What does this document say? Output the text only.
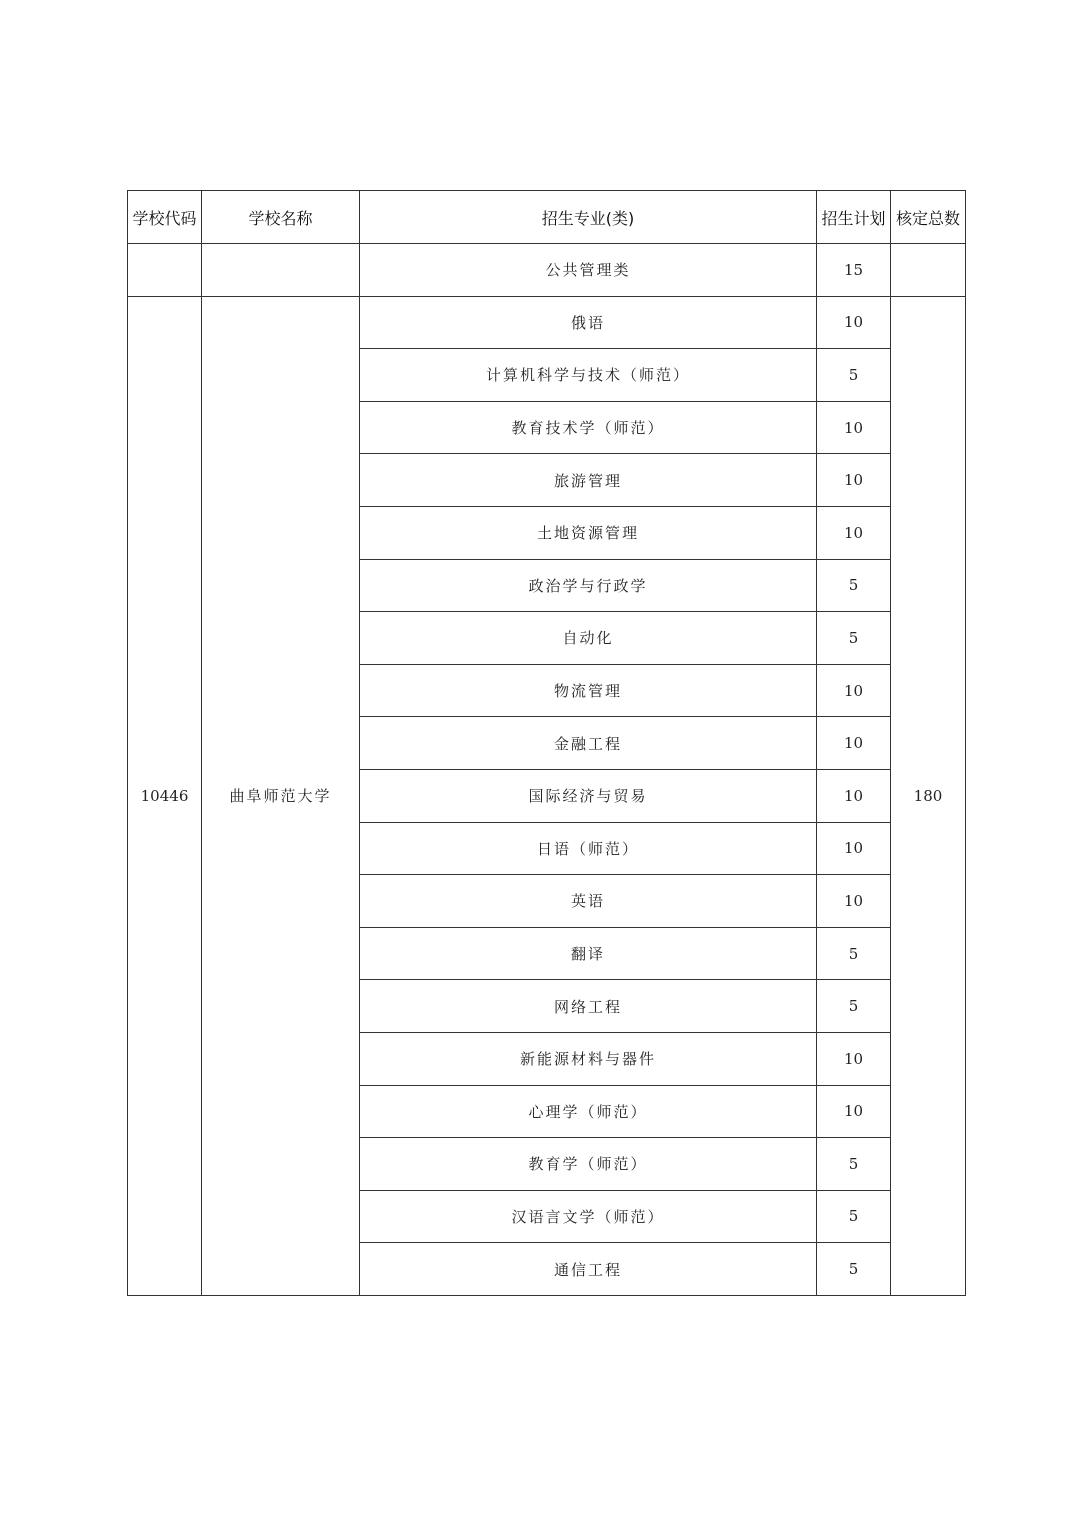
学校代码	学校名称	招生专业(类)	招生计划	核定总数
		公共管理类	15	
10446	曲阜师范大学	俄语	10	180
		计算机科学与技术（师范）	5	
		教育技术学（师范）	10	
		旅游管理	10	
		土地资源管理	10	
		政治学与行政学	5	
		自动化	5	
		物流管理	10	
		金融工程	10	
		国际经济与贸易	10	
		日语（师范）	10	
		英语	10	
		翻译	5	
		网络工程	5	
		新能源材料与器件	10	
		心理学（师范）	10	
		教育学（师范）	5	
		汉语言文学（师范）	5	
		通信工程	5	
